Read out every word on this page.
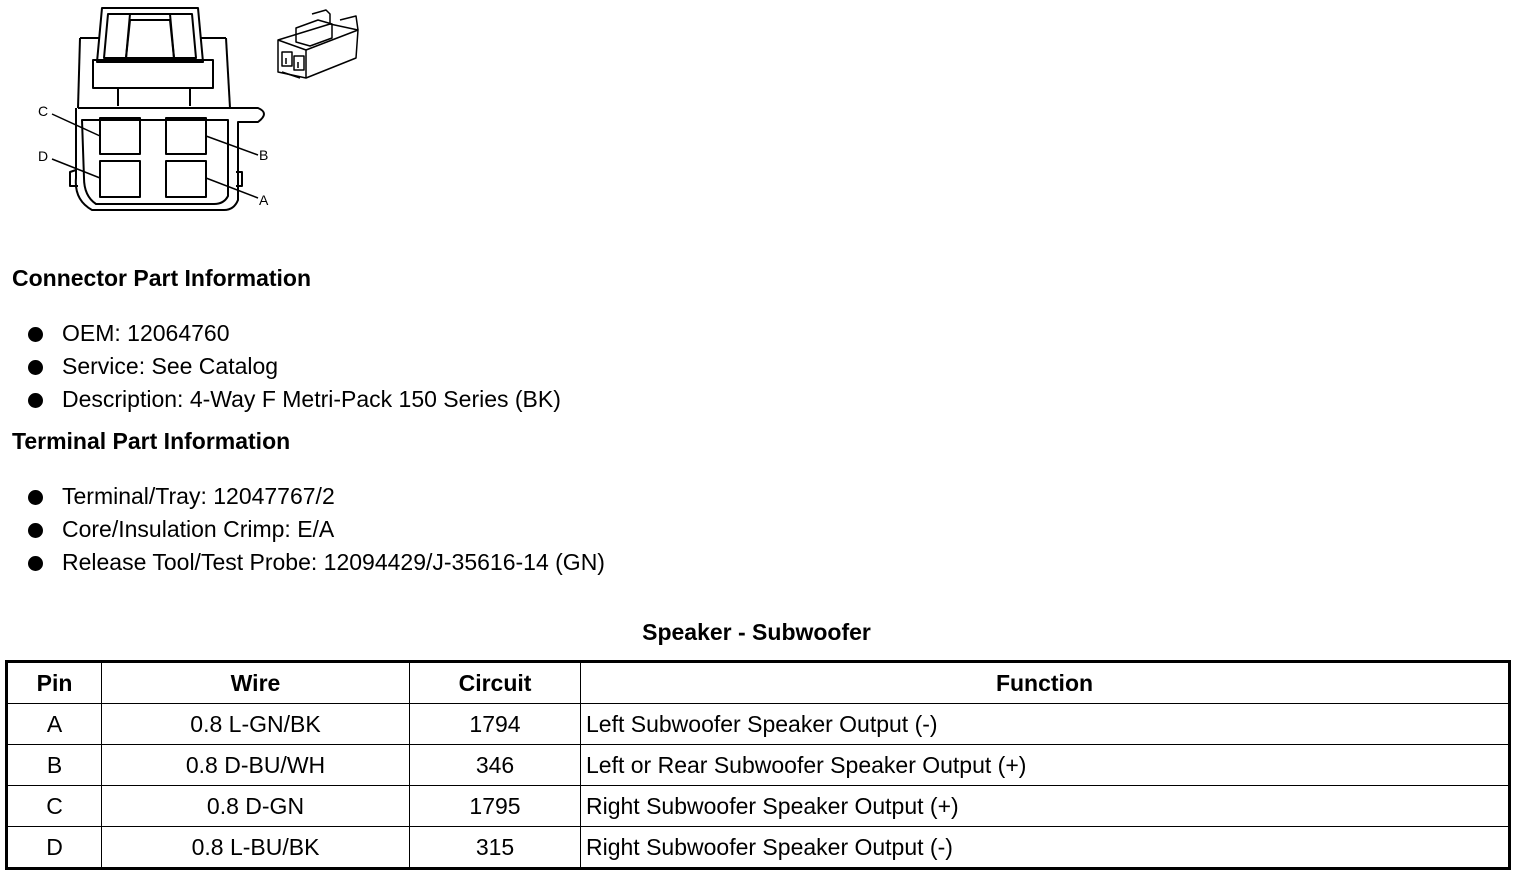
C
D	B
A
Connector Part Information
OEM: 12064760
Service: See Catalog
Description: 4-Way F Metri-Pack 150 Series (BK)
Terminal Part Information
Terminal/Tray: 12047767/2
Core/Insulation Crimp: E/A
Release Tool/Test Probe: 12094429/J-35616-14 (GN)
Speaker - Subwoofer
Pin	Wire	Circuit	Function
A	0.8 L-GN/BK	1794	Left Subwoofer Speaker Output (-)
B	0.8 D-BU/WH	346	Left or Rear Subwoofer Speaker Output (+)
C	0.8 D-GN	1795	Right Subwoofer Speaker Output (+)
D	0.8 L-BU/BK	315	Right Subwoofer Speaker Output (-)
